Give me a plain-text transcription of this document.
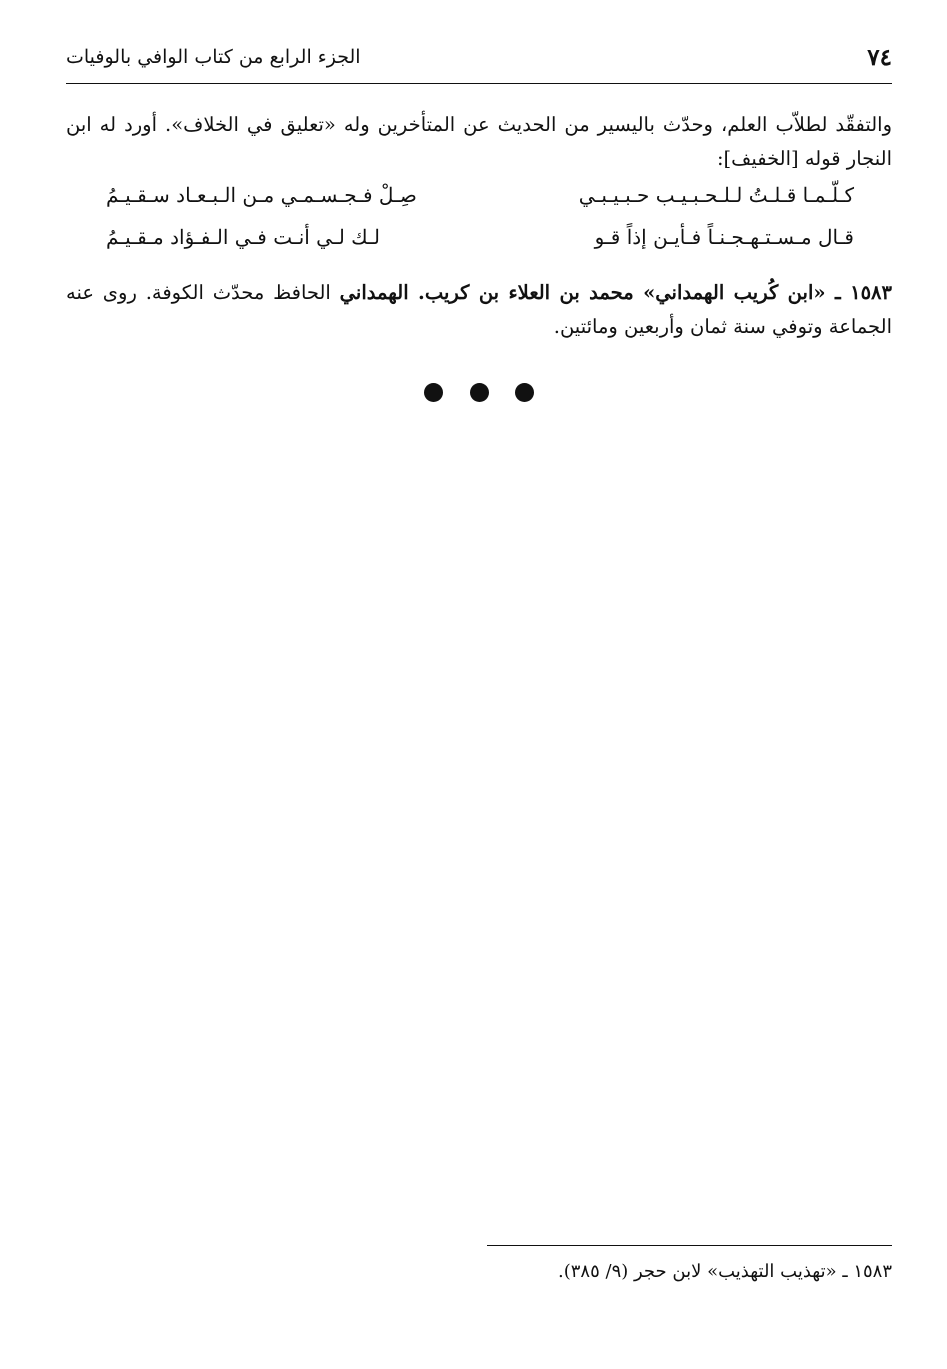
٧٤
الجزء الرابع من كتاب الوافي بالوفيات

والتفقّد لطلاّب العلم، وحدّث باليسير من الحديث عن المتأخرين وله «تعليق في الخلاف». أورد له ابن النجار قوله [الخفيف]:

كـلّـمـا قـلـتُ لـلـحـبـيـب حـبـيـبـي
صِـلْ فـجـسـمـي مـن الـبـعـاد سـقـيـمُ
قـال مـسـتـهـجـنـاً فـأيـن إذاً قـو
لـك لـي أنـت فـي الـفـؤاد مـقـيـمُ

١٥٨٣ ـ «ابن كُريب الهمداني» محمد بن العلاء بن كريب. الهمداني الحافظ محدّث الكوفة. روى عنه الجماعة وتوفي سنة ثمان وأربعين ومائتين.

١٥٨٣ ـ «تهذيب التهذيب» لابن حجر (٩/ ٣٨٥).
